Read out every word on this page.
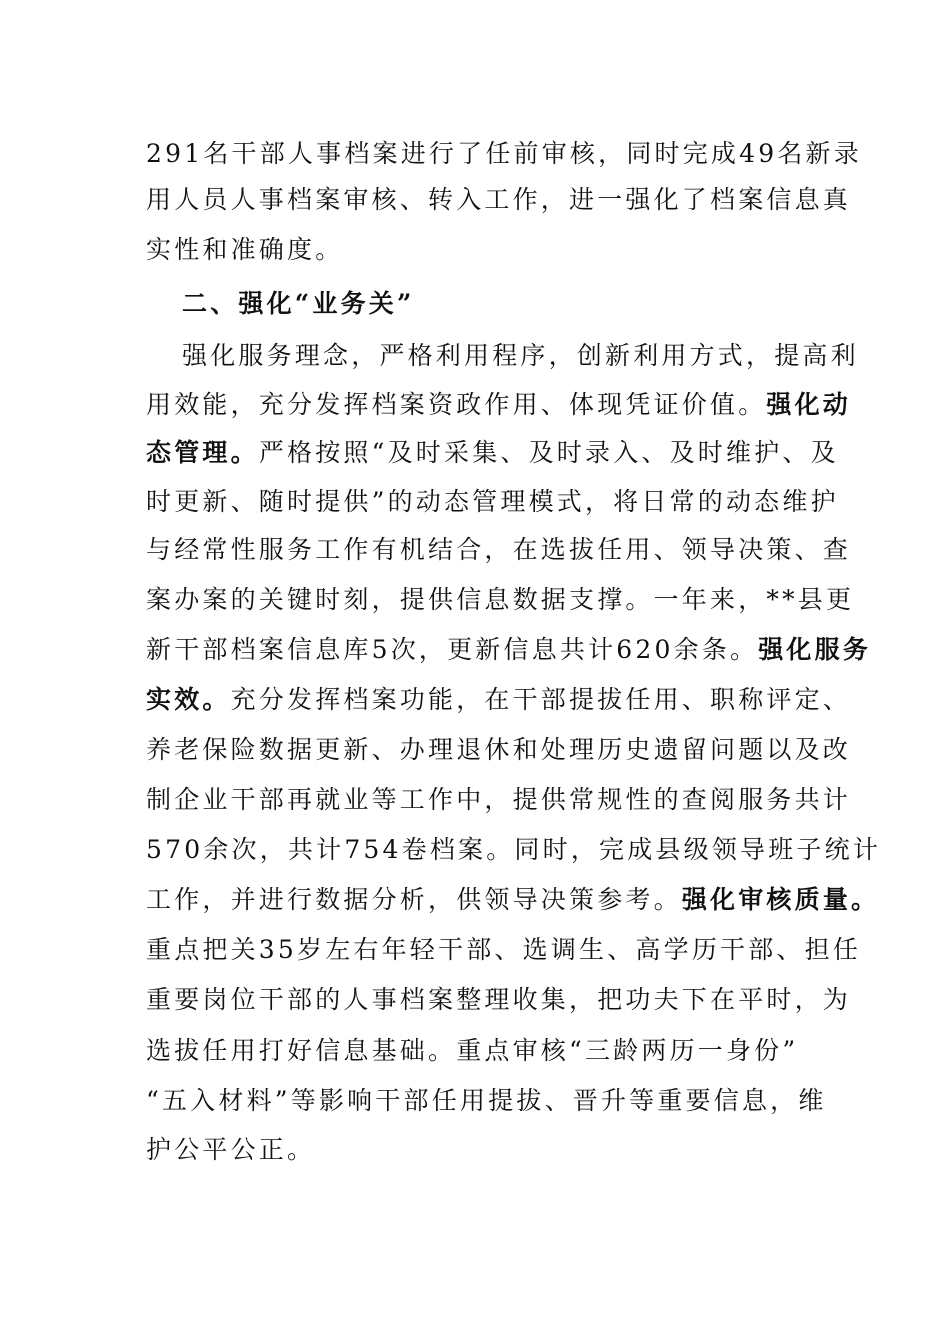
291名干部人事档案进行了任前审核，同时完成49名新录
用人员人事档案审核、转入工作，进一强化了档案信息真
实性和准确度。
二、强化“业务关”
强化服务理念，严格利用程序，创新利用方式，提高利
用效能，充分发挥档案资政作用、体现凭证价值。强化动
态管理。严格按照“及时采集、及时录入、及时维护、及
时更新、随时提供”的动态管理模式，将日常的动态维护
与经常性服务工作有机结合，在选拔任用、领导决策、查
案办案的关键时刻，提供信息数据支撑。一年来，**县更
新干部档案信息库5次，更新信息共计620余条。强化服务
实效。充分发挥档案功能，在干部提拔任用、职称评定、
养老保险数据更新、办理退休和处理历史遗留问题以及改
制企业干部再就业等工作中，提供常规性的查阅服务共计
570余次，共计754卷档案。同时，完成县级领导班子统计
工作，并进行数据分析，供领导决策参考。强化审核质量。
重点把关35岁左右年轻干部、选调生、高学历干部、担任
重要岗位干部的人事档案整理收集，把功夫下在平时，为
选拔任用打好信息基础。重点审核“三龄两历一身份”
“五入材料”等影响干部任用提拔、晋升等重要信息，维
护公平公正。
